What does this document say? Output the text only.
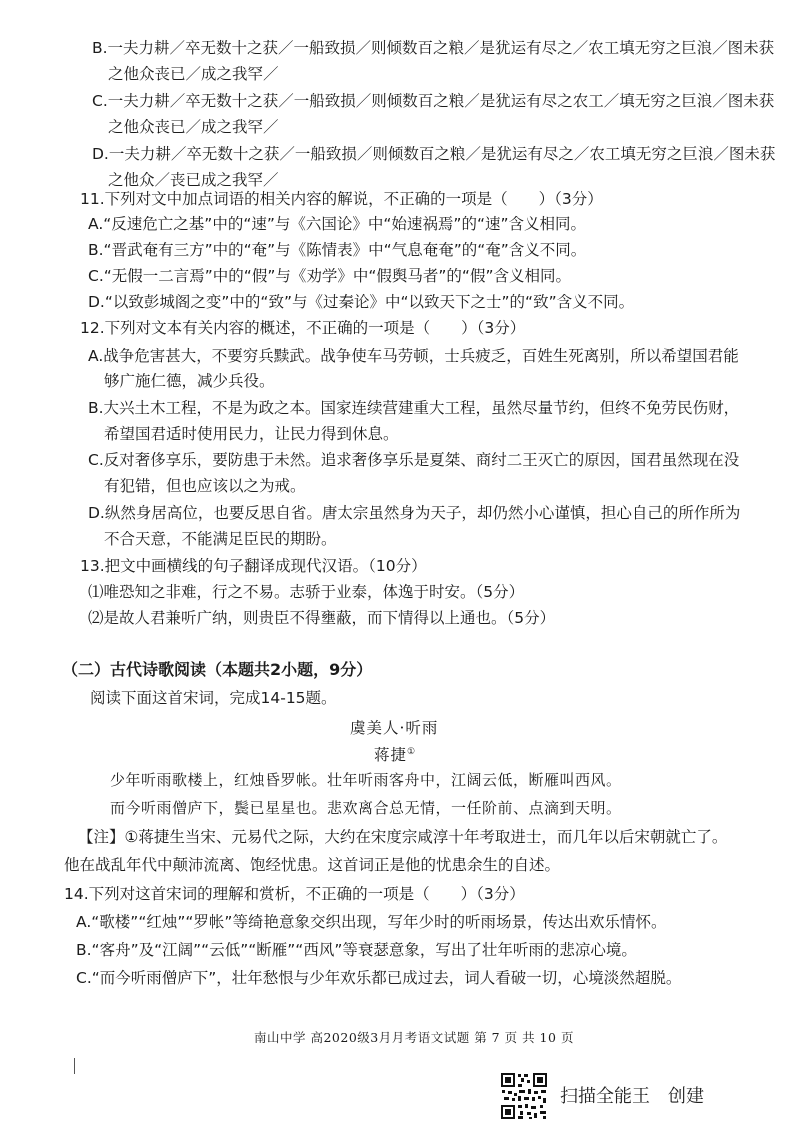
B.一夫力耕／卒无数十之获／一船致损／则倾数百之粮／是犹运有尽之／农工填无穷之巨浪／图未获
之他众丧已／成之我罕／
C.一夫力耕／卒无数十之获／一船致损／则倾数百之粮／是犹运有尽之农工／填无穷之巨浪／图未获
之他众丧已／成之我罕／
D.一夫力耕／卒无数十之获／一船致损／则倾数百之粮／是犹运有尽之／农工填无穷之巨浪／图未获
之他众／丧已成之我罕／
11.下列对文中加点词语的相关内容的解说，不正确的一项是（　　）（3分）
A.“反速危亡之基”中的“速”与《六国论》中“始速祸焉”的“速”含义相同。
B.“晋武奄有三方”中的“奄”与《陈情表》中“气息奄奄”的“奄”含义不同。
C.“无假一二言焉”中的“假”与《劝学》中“假舆马者”的“假”含义相同。
D.“以致彭城阁之变”中的“致”与《过秦论》中“以致天下之士”的“致”含义不同。
12.下列对文本有关内容的概述，不正确的一项是（　　）（3分）
A.战争危害甚大，不要穷兵黩武。战争使车马劳顿，士兵疲乏，百姓生死离别，所以希望国君能
够广施仁德，减少兵役。
B.大兴土木工程，不是为政之本。国家连续营建重大工程，虽然尽量节约，但终不免劳民伤财，
希望国君适时使用民力，让民力得到休息。
C.反对奢侈享乐，要防患于未然。追求奢侈享乐是夏桀、商纣二王灭亡的原因，国君虽然现在没
有犯错，但也应该以之为戒。
D.纵然身居高位，也要反思自省。唐太宗虽然身为天子，却仍然小心谨慎，担心自己的所作所为
不合天意，不能满足臣民的期盼。
13.把文中画横线的句子翻译成现代汉语。（10分）
⑴唯恐知之非难，行之不易。志骄于业泰，体逸于时安。（5分）
⑵是故人君兼听广纳，则贵臣不得壅蔽，而下情得以上通也。（5分）
（二）古代诗歌阅读（本题共2小题，9分）
阅读下面这首宋词，完成14-15题。
虞美人·听雨
蒋捷①
少年听雨歌楼上，红烛昏罗帐。壮年听雨客舟中，江阔云低，断雁叫西风。
而今听雨僧庐下，鬓已星星也。悲欢离合总无情，一任阶前、点滴到天明。
【注】①蒋捷生当宋、元易代之际，大约在宋度宗咸淳十年考取进士，而几年以后宋朝就亡了。
他在战乱年代中颠沛流离、饱经忧患。这首词正是他的忧患余生的自述。
14.下列对这首宋词的理解和赏析，不正确的一项是（　　）（3分）
A.“歌楼”“红烛”“罗帐”等绮艳意象交织出现，写年少时的听雨场景，传达出欢乐情怀。
B.“客舟”及“江阔”“云低”“断雁”“西风”等衰瑟意象，写出了壮年听雨的悲凉心境。
C.“而今听雨僧庐下”，壮年愁恨与少年欢乐都已成过去，词人看破一切，心境淡然超脱。
南山中学 高2020级3月月考语文试题 第 7 页 共 10 页
扫描全能王　创建
